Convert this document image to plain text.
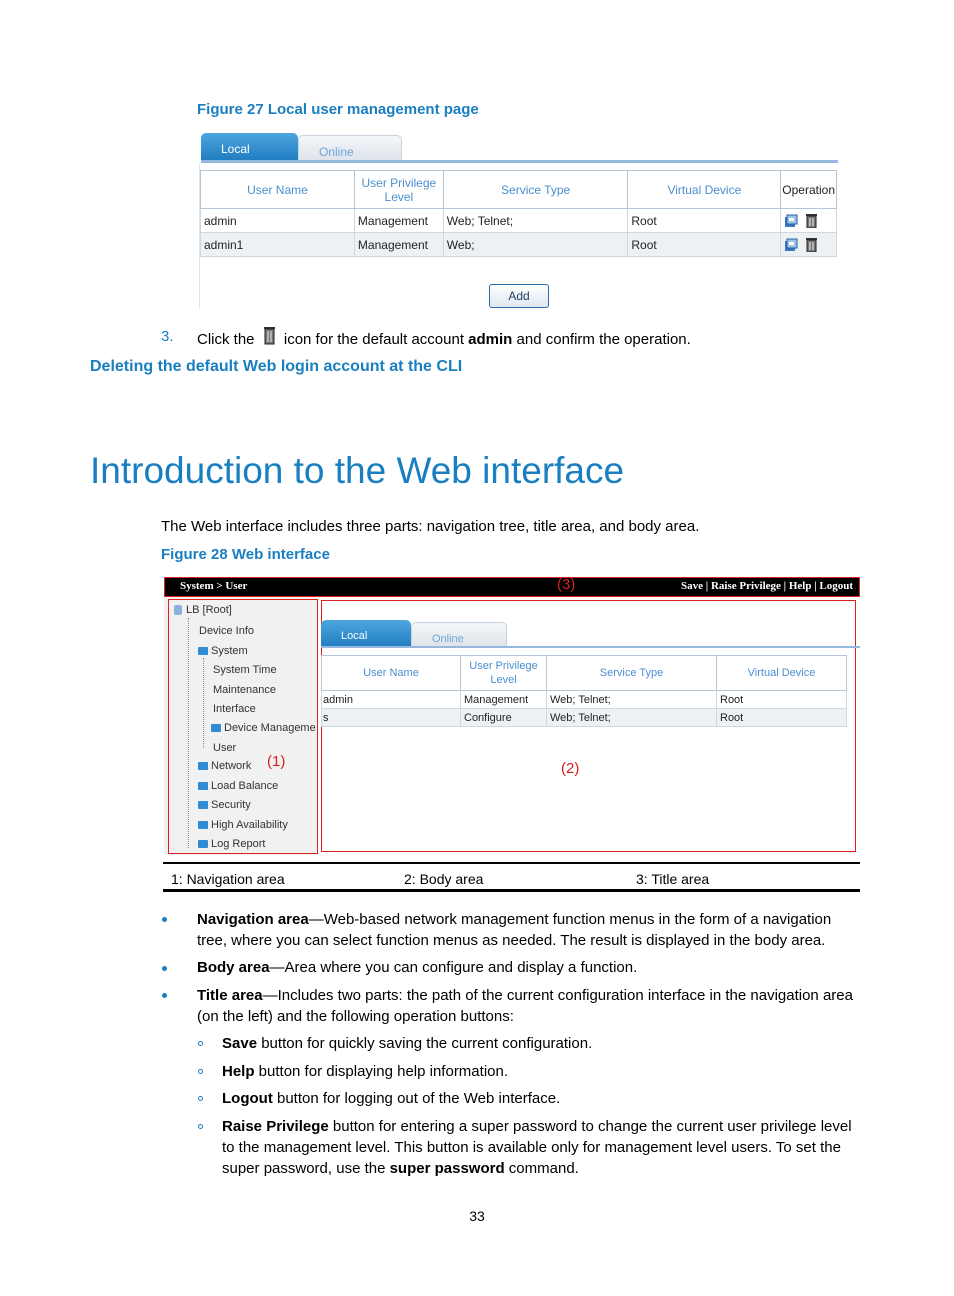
Figure 27 Local user management page
Local	Online
User Name	User Privilege Level	Service Type	Virtual Device	Operation
admin	Management	Web; Telnet;	Root	
admin1	Management	Web;	Root	
Add
3. Click the icon for the default account admin and confirm the operation.
Deleting the default Web login account at the CLI
Introduction to the Web interface
The Web interface includes three parts: navigation tree, title area, and body area.
Figure 28 Web interface
System > User	Save | Raise Privilege | Help | Logout
(3)
LB [Root]
Device Info
System
System Time
Maintenance
Interface
Device Manageme
User
Network
Load Balance
Security
High Availability
Log Report
(1)
Local	Online
User Name	User Privilege Level	Service Type	Virtual Device
admin	Management	Web; Telnet;	Root
s	Configure	Web; Telnet;	Root
(2)
1: Navigation area	2: Body area	3: Title area
Navigation area—Web-based network management function menus in the form of a navigation tree, where you can select function menus as needed. The result is displayed in the body area.
Body area—Area where you can configure and display a function.
Title area—Includes two parts: the path of the current configuration interface in the navigation area (on the left) and the following operation buttons:
Save button for quickly saving the current configuration.
Help button for displaying help information.
Logout button for logging out of the Web interface.
Raise Privilege button for entering a super password to change the current user privilege level to the management level. This button is available only for management level users. To set the super password, use the super password command.
33
